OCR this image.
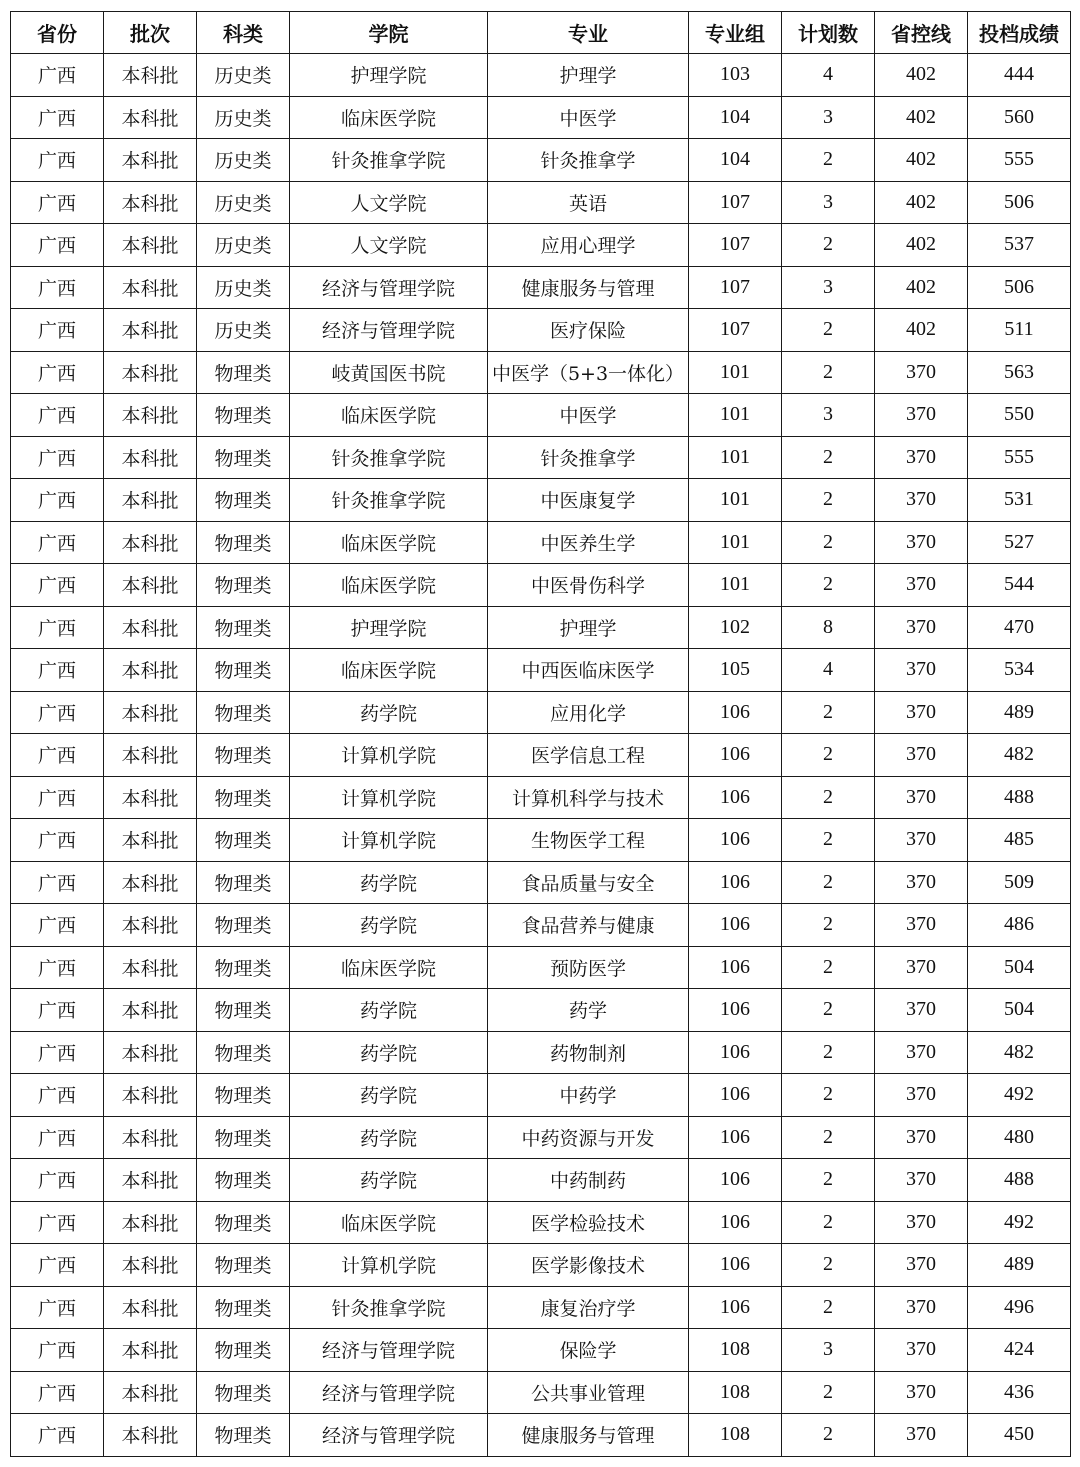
省份	批次	科类	学院	专业	专业组	计划数	省控线	投档成绩
广西	本科批	历史类	护理学院	护理学	103	4	402	444
广西	本科批	历史类	临床医学院	中医学	104	3	402	560
广西	本科批	历史类	针灸推拿学院	针灸推拿学	104	2	402	555
广西	本科批	历史类	人文学院	英语	107	3	402	506
广西	本科批	历史类	人文学院	应用心理学	107	2	402	537
广西	本科批	历史类	经济与管理学院	健康服务与管理	107	3	402	506
广西	本科批	历史类	经济与管理学院	医疗保险	107	2	402	511
广西	本科批	物理类	岐黄国医书院	中医学（5+3一体化）	101	2	370	563
广西	本科批	物理类	临床医学院	中医学	101	3	370	550
广西	本科批	物理类	针灸推拿学院	针灸推拿学	101	2	370	555
广西	本科批	物理类	针灸推拿学院	中医康复学	101	2	370	531
广西	本科批	物理类	临床医学院	中医养生学	101	2	370	527
广西	本科批	物理类	临床医学院	中医骨伤科学	101	2	370	544
广西	本科批	物理类	护理学院	护理学	102	8	370	470
广西	本科批	物理类	临床医学院	中西医临床医学	105	4	370	534
广西	本科批	物理类	药学院	应用化学	106	2	370	489
广西	本科批	物理类	计算机学院	医学信息工程	106	2	370	482
广西	本科批	物理类	计算机学院	计算机科学与技术	106	2	370	488
广西	本科批	物理类	计算机学院	生物医学工程	106	2	370	485
广西	本科批	物理类	药学院	食品质量与安全	106	2	370	509
广西	本科批	物理类	药学院	食品营养与健康	106	2	370	486
广西	本科批	物理类	临床医学院	预防医学	106	2	370	504
广西	本科批	物理类	药学院	药学	106	2	370	504
广西	本科批	物理类	药学院	药物制剂	106	2	370	482
广西	本科批	物理类	药学院	中药学	106	2	370	492
广西	本科批	物理类	药学院	中药资源与开发	106	2	370	480
广西	本科批	物理类	药学院	中药制药	106	2	370	488
广西	本科批	物理类	临床医学院	医学检验技术	106	2	370	492
广西	本科批	物理类	计算机学院	医学影像技术	106	2	370	489
广西	本科批	物理类	针灸推拿学院	康复治疗学	106	2	370	496
广西	本科批	物理类	经济与管理学院	保险学	108	3	370	424
广西	本科批	物理类	经济与管理学院	公共事业管理	108	2	370	436
广西	本科批	物理类	经济与管理学院	健康服务与管理	108	2	370	450
